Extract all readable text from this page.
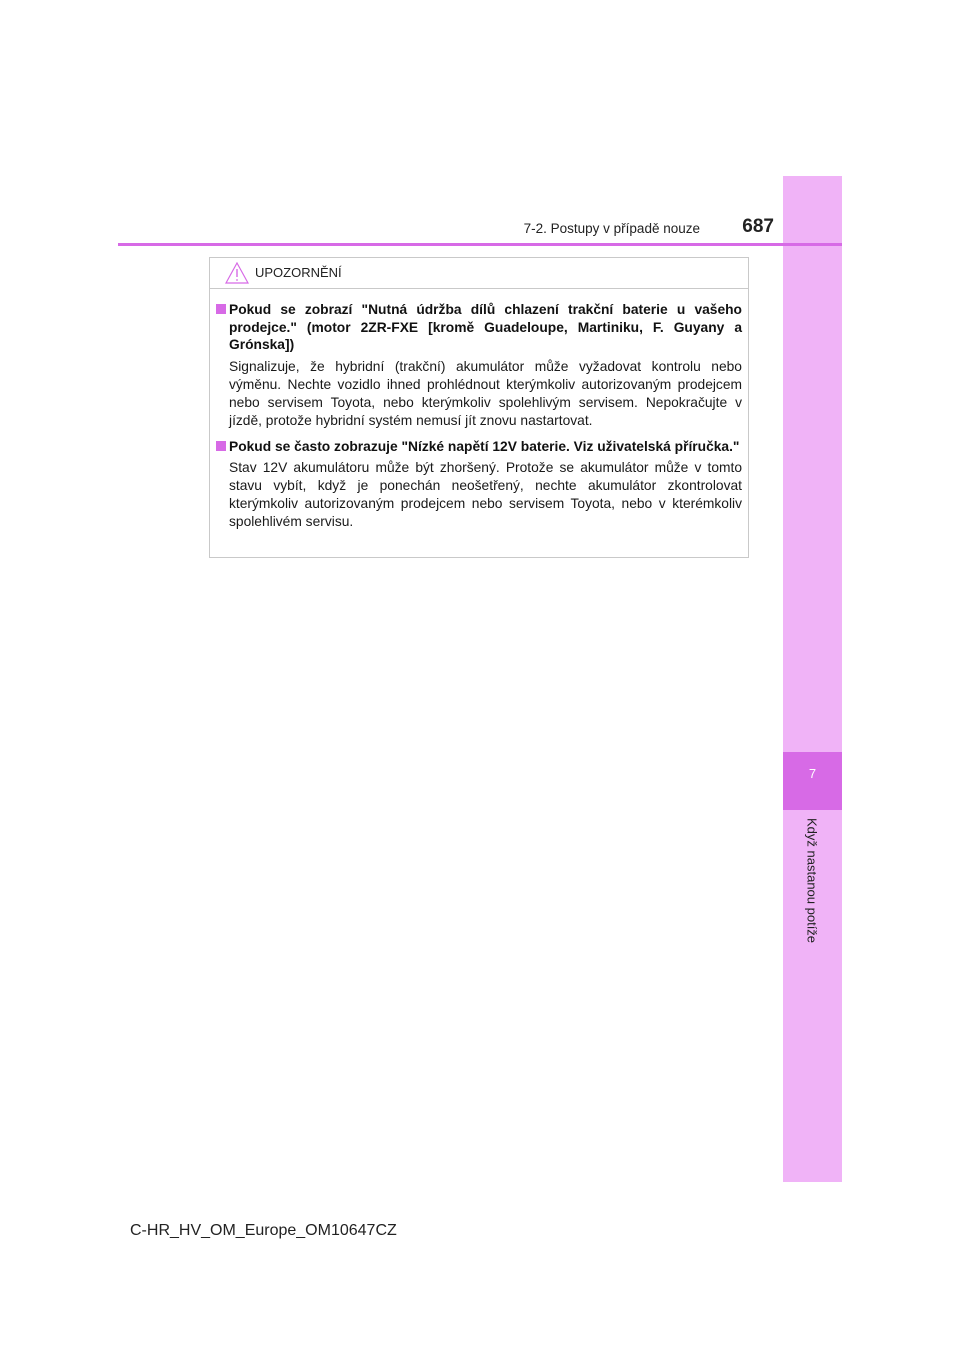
7
Když nastanou potíže
7-2. Postupy v případě nouze	687
UPOZORNĚNÍ
Pokud se zobrazí "Nutná údržba dílů chlazení trakční baterie u vašeho prodejce." (motor 2ZR-FXE [kromě Guadeloupe, Martiniku, F. Guyany a Grónska])
Signalizuje, že hybridní (trakční) akumulátor může vyžadovat kontrolu nebo výměnu. Nechte vozidlo ihned prohlédnout kterýmkoliv autorizovaným prodejcem nebo servisem Toyota, nebo kterýmkoliv spolehlivým servisem. Nepokračujte v jízdě, protože hybridní systém nemusí jít znovu nastartovat.
Pokud se často zobrazuje "Nízké napětí 12V baterie. Viz uživatelská příručka."
Stav 12V akumulátoru může být zhoršený. Protože se akumulátor může v tomto stavu vybít, když je ponechán neošetřený, nechte akumulátor zkontrolovat kterýmkoliv autorizovaným prodejcem nebo servisem Toyota, nebo v kterémkoliv spolehlivém servisu.
C-HR_HV_OM_Europe_OM10647CZ
